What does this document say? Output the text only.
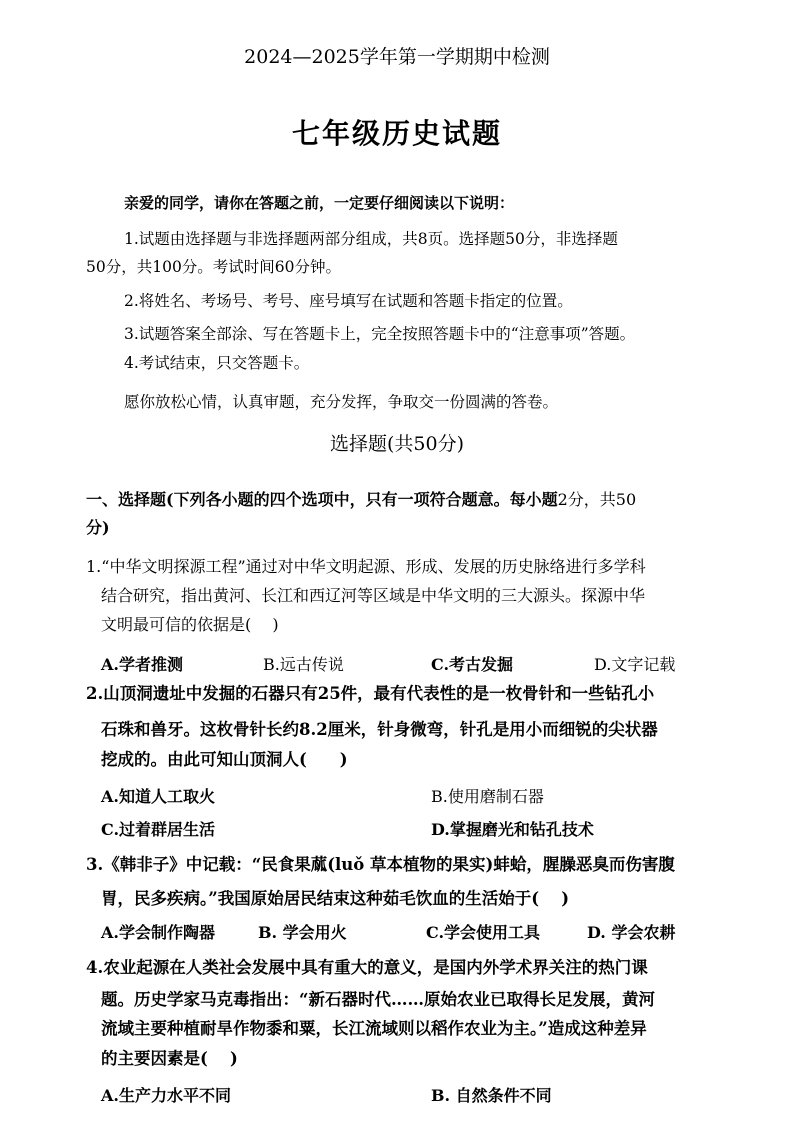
2024—2025学年第一学期期中检测
七年级历史试题
亲爱的同学，请你在答题之前，一定要仔细阅读以下说明：
1.试题由选择题与非选择题两部分组成，共8页。选择题50分，非选择题
50分，共100分。考试时间60分钟。
2.将姓名、考场号、考号、座号填写在试题和答题卡指定的位置。
3.试题答案全部涂、写在答题卡上，完全按照答题卡中的“注意事项”答题。
4.考试结束，只交答题卡。
愿你放松心情，认真审题，充分发挥，争取交一份圆满的答卷。
选择题(共50分)
一、选择题(下列各小题的四个选项中，只有一项符合题意。每小题2分，共50
分)
1.“中华文明探源工程”通过对中华文明起源、形成、发展的历史脉络进行多学科
结合研究，指出黄河、长江和西辽河等区域是中华文明的三大源头。探源中华
文明最可信的依据是(　 )
A.学者推测	B.远古传说	C.考古发掘	D.文字记载
2.山顶洞遗址中发掘的石器只有25件，最有代表性的是一枚骨针和一些钻孔小
石珠和兽牙。这枚骨针长约8.2厘米，针身微弯，针孔是用小而细锐的尖状器
挖成的。由此可知山顶洞人(　　)
A.知道人工取火	B.使用磨制石器
C.过着群居生活	D.掌握磨光和钻孔技术
3.《韩非子》中记载：“民食果蓏(luǒ 草本植物的果实)蚌蛤，腥臊恶臭而伤害腹
胃，民多疾病。”我国原始居民结束这种茹毛饮血的生活始于(　 )
A.学会制作陶器	B. 学会用火	C.学会使用工具	D. 学会农耕
4.农业起源在人类社会发展中具有重大的意义，是国内外学术界关注的热门课
题。历史学家马克毒指出：“新石器时代……原始农业已取得长足发展，黄河
流域主要种植耐旱作物黍和粟，长江流域则以稻作农业为主。”造成这种差异
的主要因素是(　 )
A.生产力水平不同	B. 自然条件不同
